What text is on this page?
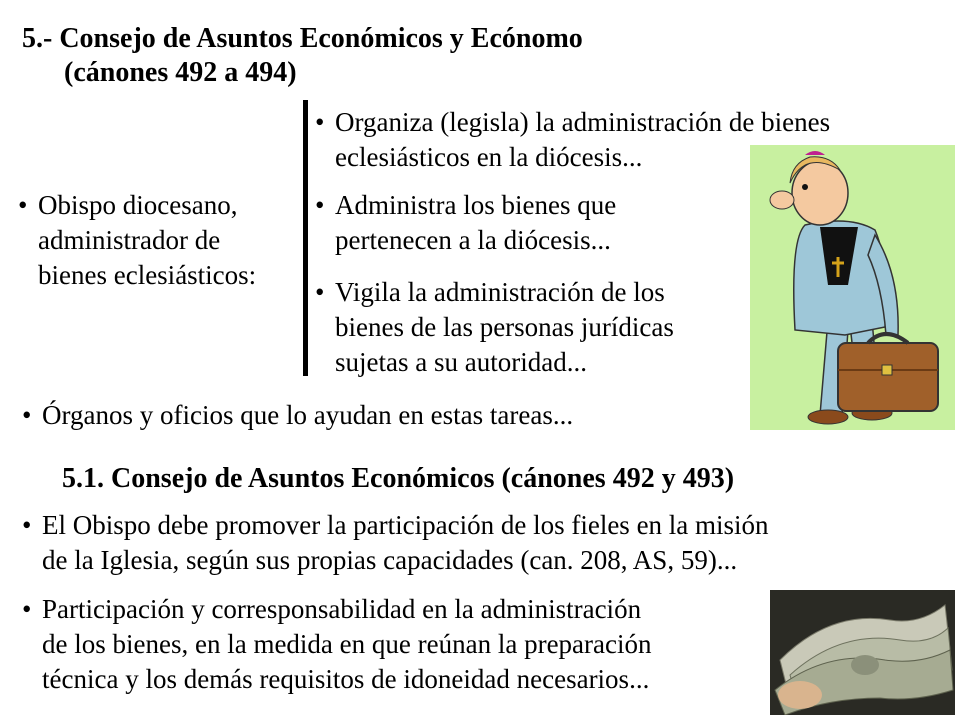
5.- Consejo de Asuntos Económicos y Ecónomo
(cánones 492 a 494)
• Obispo diocesano,
administrador de
bienes eclesiásticos:
• Organiza (legisla) la administración de bienes
eclesiásticos en la diócesis...
• Administra los bienes que
pertenecen a la diócesis...
• Vigila la administración de los
bienes de las personas jurídicas
sujetas a su autoridad...
• Órganos y oficios que lo ayudan en estas tareas...
5.1. Consejo de Asuntos Económicos (cánones 492 y 493)
• El Obispo debe promover la participación de los fieles en la misión
de la Iglesia, según sus propias capacidades (can. 208, AS, 59)...
• Participación y corresponsabilidad en la administración
de los bienes, en la medida en que reúnan la preparación
técnica y los demás requisitos de idoneidad necesarios...
